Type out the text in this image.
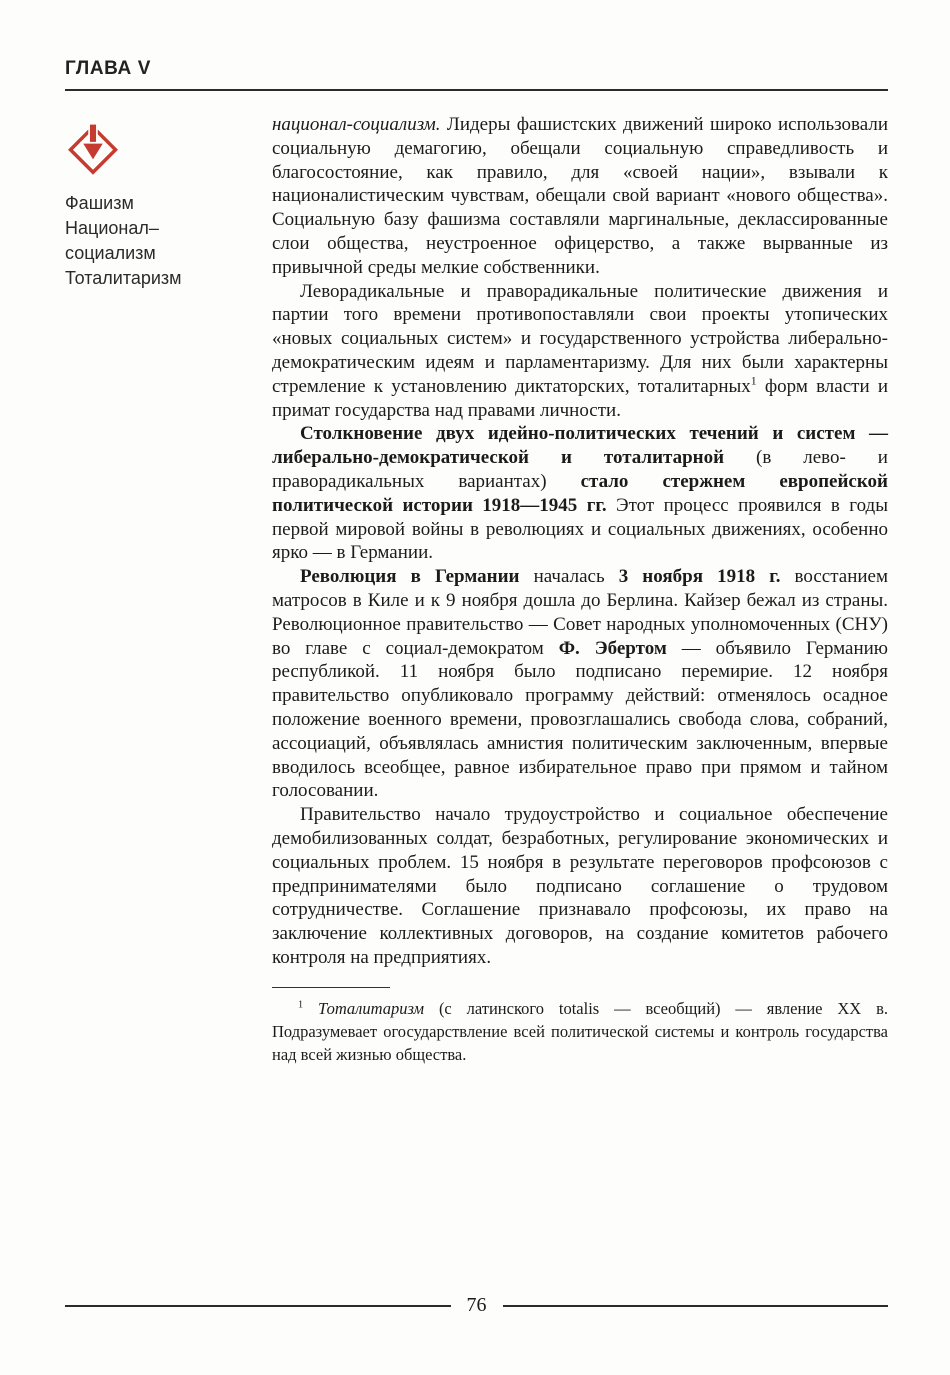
ГЛАВА V
Фашизм
Национал–социализм
Тоталитаризм

национал-социализм. Лидеры фашистских движений широко использовали социальную демагогию, обещали социальную справедливость и благосостояние, как правило, для «своей нации», взывали к националистическим чувствам, обещали свой вариант «нового общества». Социальную базу фашизма составляли маргинальные, деклассированные слои общества, неустроенное офицерство, а также вырванные из привычной среды мелкие собственники.

Леворадикальные и праворадикальные политические движения и партии того времени противопоставляли свои проекты утопических «новых социальных систем» и государственного устройства либерально-демократическим идеям и парламентаризму. Для них были характерны стремление к установлению диктаторских, тоталитарных$^1$ форм власти и примат государства над правами личности.

Столкновение двух идейно-политических течений и систем — либерально-демократической и тоталитарной (в лево- и праворадикальных вариантах) стало стержнем европейской политической истории 1918—1945 гг. Этот процесс проявился в годы первой мировой войны в революциях и социальных движениях, особенно ярко — в Германии.

Революция в Германии началась 3 ноября 1918 г. восстанием матросов в Киле и к 9 ноября дошла до Берлина. Кайзер бежал из страны. Революционное правительство — Совет народных уполномоченных (СНУ) во главе с социал-демократом Ф. Эбертом — объявило Германию республикой. 11 ноября было подписано перемирие. 12 ноября правительство опубликовало программу действий: отменялось осадное положение военного времени, провозглашались свобода слова, собраний, ассоциаций, объявлялась амнистия политическим заключенным, впервые вводилось всеобщее, равное избирательное право при прямом и тайном голосовании.

Правительство начало трудоустройство и социальное обеспечение демобилизованных солдат, безработных, регулирование экономических и социальных проблем. 15 ноября в результате переговоров профсоюзов с предпринимателями было подписано соглашение о трудовом сотрудничестве. Соглашение признавало профсоюзы, их право на заключение коллективных договоров, на создание комитетов рабочего контроля на предприятиях.

$^1$ Тоталитаризм (с латинского totalis — всеобщий) — явление XX в. Подразумевает огосударствление всей политической системы и контроль государства над всей жизнью общества.

76
